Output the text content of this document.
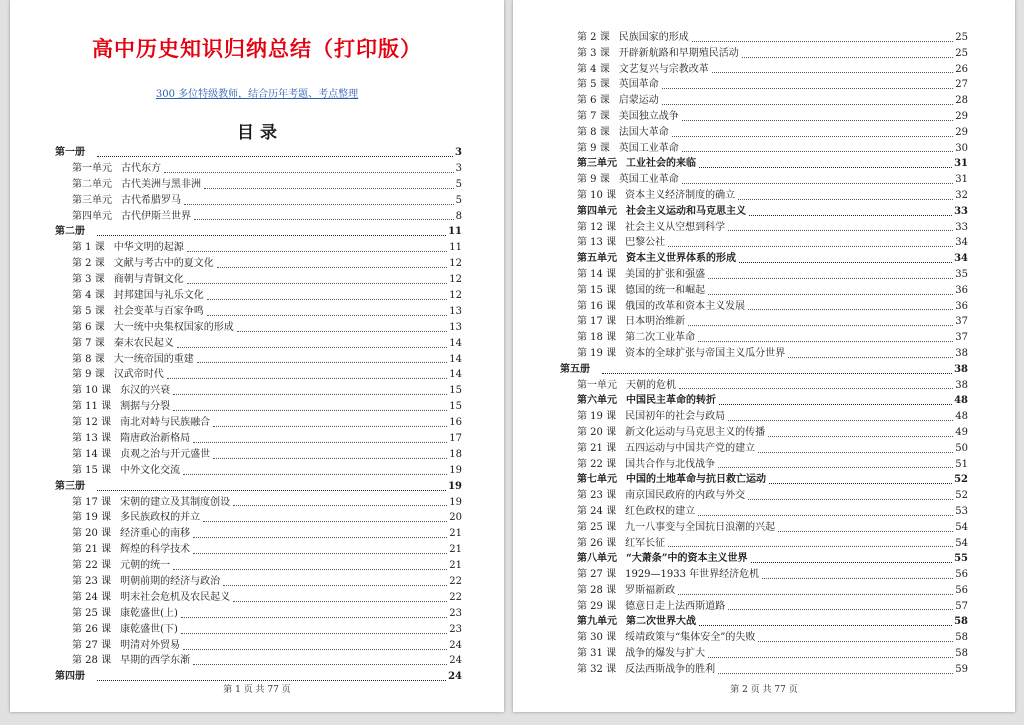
高中历史知识归纳总结（打印版）
300 多位特级教师，结合历年考题、考点整理
目录
第一册	3
第一单元 古代东方	3
第二单元 古代美洲与黑非洲	5
第三单元 古代希腊罗马	5
第四单元 古代伊斯兰世界	8
第二册	11
第 1 课 中华文明的起源	11
第 2 课 文献与考古中的夏文化	12
第 3 课 商朝与青铜文化	12
第 4 课 封邦建国与礼乐文化	12
第 5 课 社会变革与百家争鸣	13
第 6 课 大一统中央集权国家的形成	13
第 7 课 秦末农民起义	14
第 8 课 大一统帝国的重建	14
第 9 课 汉武帝时代	14
第 10 课 东汉的兴衰	15
第 11 课 割据与分裂	15
第 12 课 南北对峙与民族融合	16
第 13 课 隋唐政治新格局	17
第 14 课 贞观之治与开元盛世	18
第 15 课 中外文化交流	19
第三册	19
第 17 课 宋朝的建立及其制度创设	19
第 19 课 多民族政权的并立	20
第 20 课 经济重心的南移	21
第 21 课 辉煌的科学技术	21
第 22 课 元朝的统一	21
第 23 课 明朝前期的经济与政治	22
第 24 课 明末社会危机及农民起义	22
第 25 课 康乾盛世(上)	23
第 26 课 康乾盛世(下)	23
第 27 课 明清对外贸易	24
第 28 课 早期的西学东渐	24
第四册	24
第 1 页 共 77 页
第 2 课 民族国家的形成	25
第 3 课 开辟新航路和早期殖民活动	25
第 4 课 文艺复兴与宗教改革	26
第 5 课 英国革命	27
第 6 课 启蒙运动	28
第 7 课 美国独立战争	29
第 8 课 法国大革命	29
第 9 课 英国工业革命	30
第三单元 工业社会的来临	31
第 9 课 英国工业革命	31
第 10 课 资本主义经济制度的确立	32
第四单元 社会主义运动和马克思主义	33
第 12 课 社会主义从空想到科学	33
第 13 课 巴黎公社	34
第五单元 资本主义世界体系的形成	34
第 14 课 美国的扩张和强盛	35
第 15 课 德国的统一和崛起	36
第 16 课 俄国的改革和资本主义发展	36
第 17 课 日本明治维新	37
第 18 课 第二次工业革命	37
第 19 课 资本的全球扩张与帝国主义瓜分世界	38
第五册	38
第一单元 天朝的危机	38
第六单元 中国民主革命的转折	48
第 19 课 民国初年的社会与政局	48
第 20 课 新文化运动与马克思主义的传播	49
第 21 课 五四运动与中国共产党的建立	50
第 22 课 国共合作与北伐战争	51
第七单元 中国的土地革命与抗日救亡运动	52
第 23 课 南京国民政府的内政与外交	52
第 24 课 红色政权的建立	53
第 25 课 九一八事变与全国抗日浪潮的兴起	54
第 26 课 红军长征	54
第八单元 “大萧条”中的资本主义世界	55
第 27 课 1929—1933 年世界经济危机	56
第 28 课 罗斯福新政	56
第 29 课 德意日走上法西斯道路	57
第九单元 第二次世界大战	58
第 30 课 绥靖政策与“集体安全”的失败	58
第 31 课 战争的爆发与扩大	58
第 32 课 反法西斯战争的胜利	59
第 2 页 共 77 页
